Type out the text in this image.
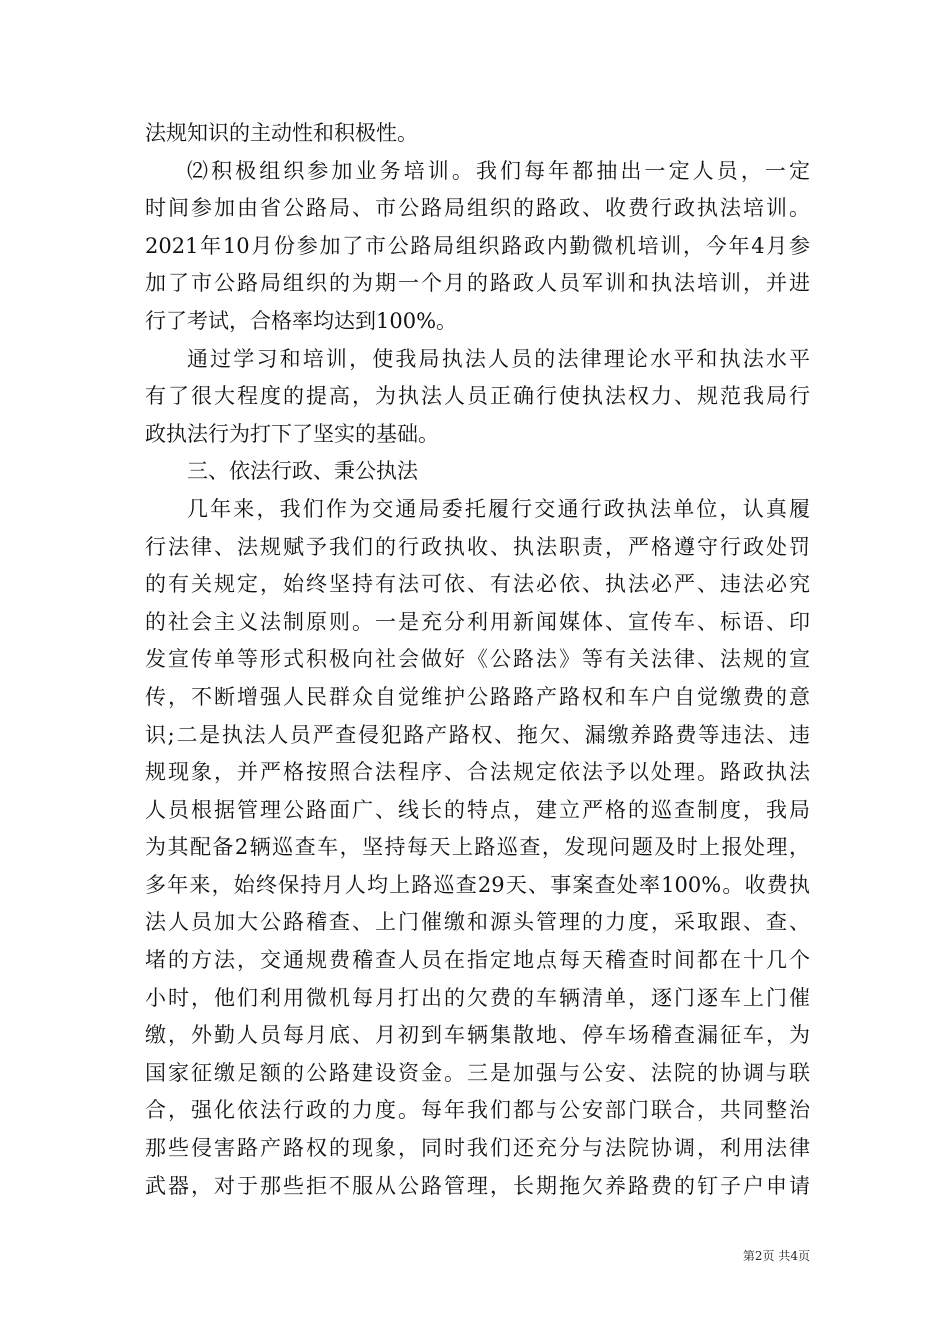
法规知识的主动性和积极性。
⑵积极组织参加业务培训。我们每年都抽出一定人员，一定
时间参加由省公路局、市公路局组织的路政、收费行政执法培训。
2021年10月份参加了市公路局组织路政内勤微机培训，今年4月参
加了市公路局组织的为期一个月的路政人员军训和执法培训，并进
行了考试，合格率均达到100%。
通过学习和培训，使我局执法人员的法律理论水平和执法水平
有了很大程度的提高，为执法人员正确行使执法权力、规范我局行
政执法行为打下了坚实的基础。
三、依法行政、秉公执法
几年来，我们作为交通局委托履行交通行政执法单位，认真履
行法律、法规赋予我们的行政执收、执法职责，严格遵守行政处罚
的有关规定，始终坚持有法可依、有法必依、执法必严、违法必究
的社会主义法制原则。一是充分利用新闻媒体、宣传车、标语、印
发宣传单等形式积极向社会做好《公路法》等有关法律、法规的宣
传，不断增强人民群众自觉维护公路路产路权和车户自觉缴费的意
识;二是执法人员严查侵犯路产路权、拖欠、漏缴养路费等违法、违
规现象，并严格按照合法程序、合法规定依法予以处理。路政执法
人员根据管理公路面广、线长的特点，建立严格的巡查制度，我局
为其配备2辆巡查车，坚持每天上路巡查，发现问题及时上报处理，
多年来，始终保持月人均上路巡查29天、事案查处率100%。收费执
法人员加大公路稽查、上门催缴和源头管理的力度，采取跟、查、
堵的方法，交通规费稽查人员在指定地点每天稽查时间都在十几个
小时，他们利用微机每月打出的欠费的车辆清单，逐门逐车上门催
缴，外勤人员每月底、月初到车辆集散地、停车场稽查漏征车，为
国家征缴足额的公路建设资金。三是加强与公安、法院的协调与联
合，强化依法行政的力度。每年我们都与公安部门联合，共同整治
那些侵害路产路权的现象，同时我们还充分与法院协调，利用法律
武器，对于那些拒不服从公路管理，长期拖欠养路费的钉子户申请
第2页 共4页
